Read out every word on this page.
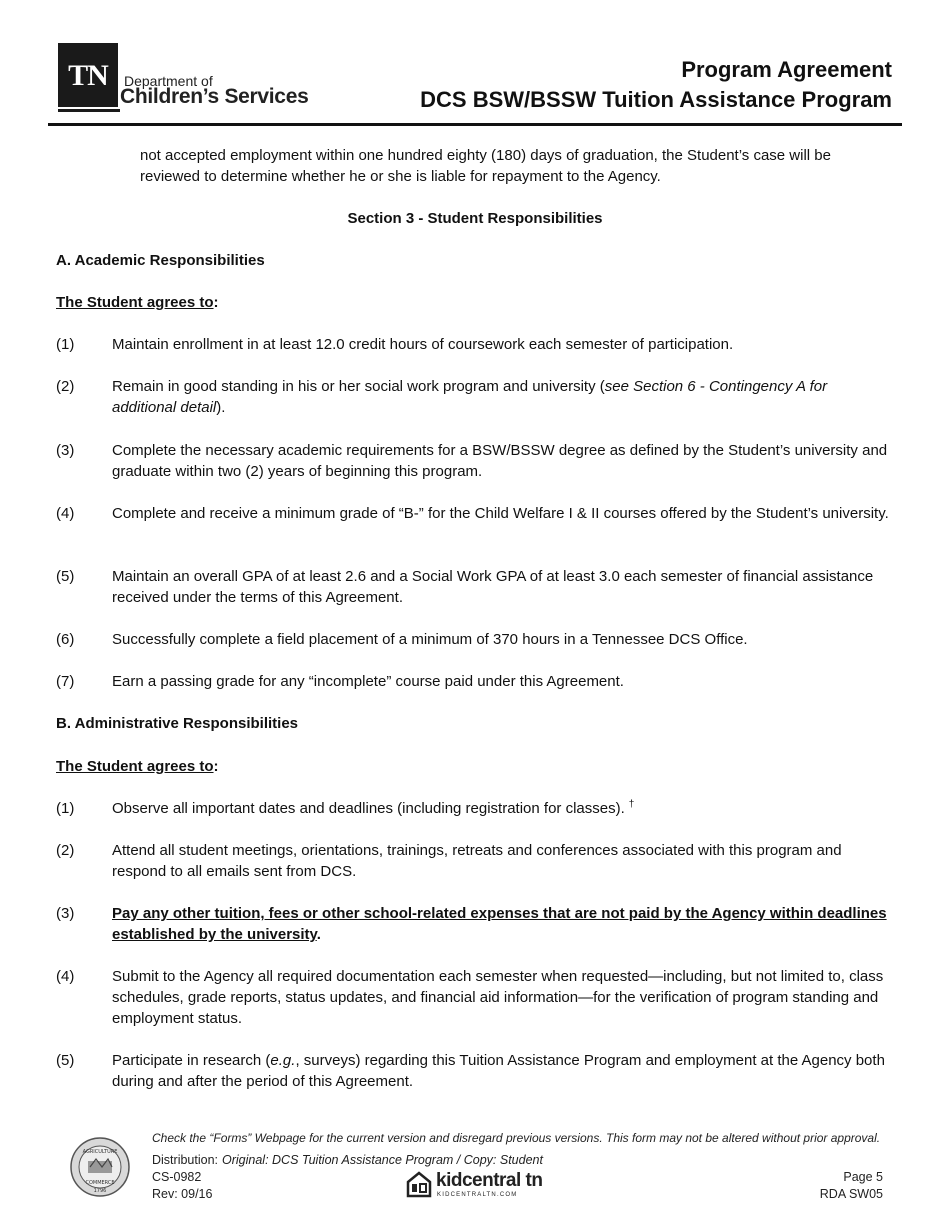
TN	Department of
Children’s Services
Program Agreement
DCS BSW/BSSW Tuition Assistance Program
not accepted employment within one hundred eighty (180) days of graduation, the Student’s case will be reviewed to determine whether he or she is liable for repayment to the Agency.
Section 3 - Student Responsibilities
A. Academic Responsibilities
The Student agrees to:
(1)	Maintain enrollment in at least 12.0 credit hours of coursework each semester of participation.
(2)	Remain in good standing in his or her social work program and university (see Section 6 - Contingency A for additional detail).
(3)	Complete the necessary academic requirements for a BSW/BSSW degree as defined by the Student’s university and graduate within two (2) years of beginning this program.
(4)	Complete and receive a minimum grade of “B-” for the Child Welfare I & II courses offered by the Student’s university.
(5)	Maintain an overall GPA of at least 2.6 and a Social Work GPA of at least 3.0 each semester of financial assistance received under the terms of this Agreement.
(6)	Successfully complete a field placement of a minimum of 370 hours in a Tennessee DCS Office.
(7)	Earn a passing grade for any “incomplete” course paid under this Agreement.
B. Administrative Responsibilities
The Student agrees to:
(1)	Observe all important dates and deadlines (including registration for classes). †
(2)	Attend all student meetings, orientations, trainings, retreats and conferences associated with this program and respond to all emails sent from DCS.
(3)	Pay any other tuition, fees or other school-related expenses that are not paid by the Agency within deadlines established by the university.
(4)	Submit to the Agency all required documentation each semester when requested—including, but not limited to, class schedules, grade reports, status updates, and financial aid information—for the verification of program standing and employment status.
(5)	Participate in research (e.g., surveys) regarding this Tuition Assistance Program and employment at the Agency both during and after the period of this Agreement.
AGRICULTURE
COMMERCE
1796
Check the “Forms” Webpage for the current version and disregard previous versions. This form may not be altered without prior approval.
Distribution: Original: DCS Tuition Assistance Program / Copy: Student
CS-0982
Rev: 09/16
kidcentral tn
KIDCENTRALTN.COM
Page 5
RDA SW05
